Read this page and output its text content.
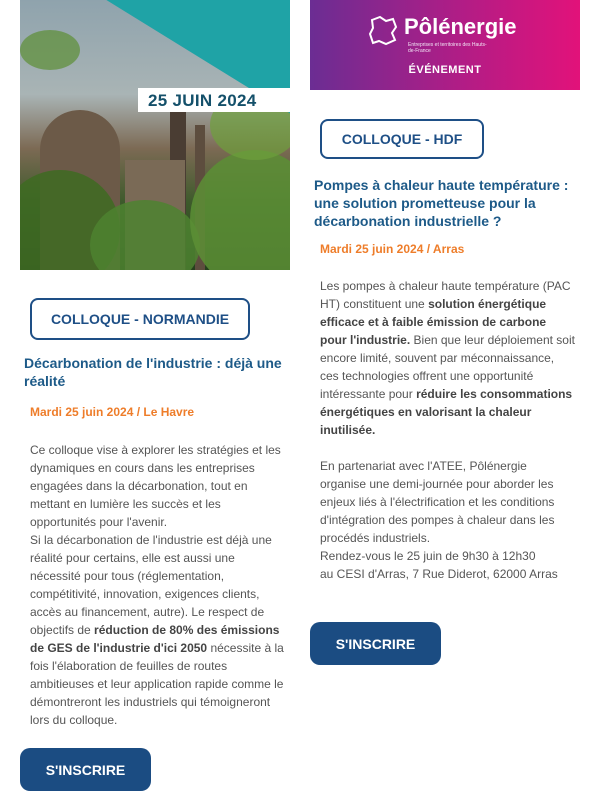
25 JUIN 2024
COLLOQUE - NORMANDIE
Décarbonation de l'industrie : déjà une réalité
Mardi 25 juin 2024 / Le Havre

Ce colloque vise à explorer les stratégies et les dynamiques en cours dans les entreprises engagées dans la décarbonation, tout en mettant en lumière les succès et les opportunités pour l'avenir.

Si la décarbonation de l'industrie est déjà une réalité pour certains, elle est aussi une nécessité pour tous (réglementation, compétitivité, innovation, exigences clients, accès au financement, autre). Le respect de objectifs de réduction de 80% des émissions de GES de l'industrie d'ici 2050 nécessite à la fois l'élaboration de feuilles de routes ambitieuses et leur application rapide comme le démontreront les industriels qui témoigneront lors du colloque.

S'INSCRIRE
Pôlénergie
Entreprises et territoires des Hauts-de-France
ÉVÉNEMENT
COLLOQUE - HDF
Pompes à chaleur haute température : une solution prometteuse pour la décarbonation industrielle ?
Mardi 25 juin 2024 / Arras

Les pompes à chaleur haute température (PAC HT) constituent une solution énergétique efficace et à faible émission de carbone pour l'industrie. Bien que leur déploiement soit encore limité, souvent par méconnaissance, ces technologies offrent une opportunité intéressante pour réduire les consommations énergétiques en valorisant la chaleur inutilisée.

En partenariat avec l'ATEE, Pôlénergie organise une demi-journée pour aborder les enjeux liés à l'électrification et les conditions d'intégration des pompes à chaleur dans les procédés industriels.

Rendez-vous le 25 juin de 9h30 à 12h30

au CESI d'Arras, 7 Rue Diderot, 62000 Arras

S'INSCRIRE
